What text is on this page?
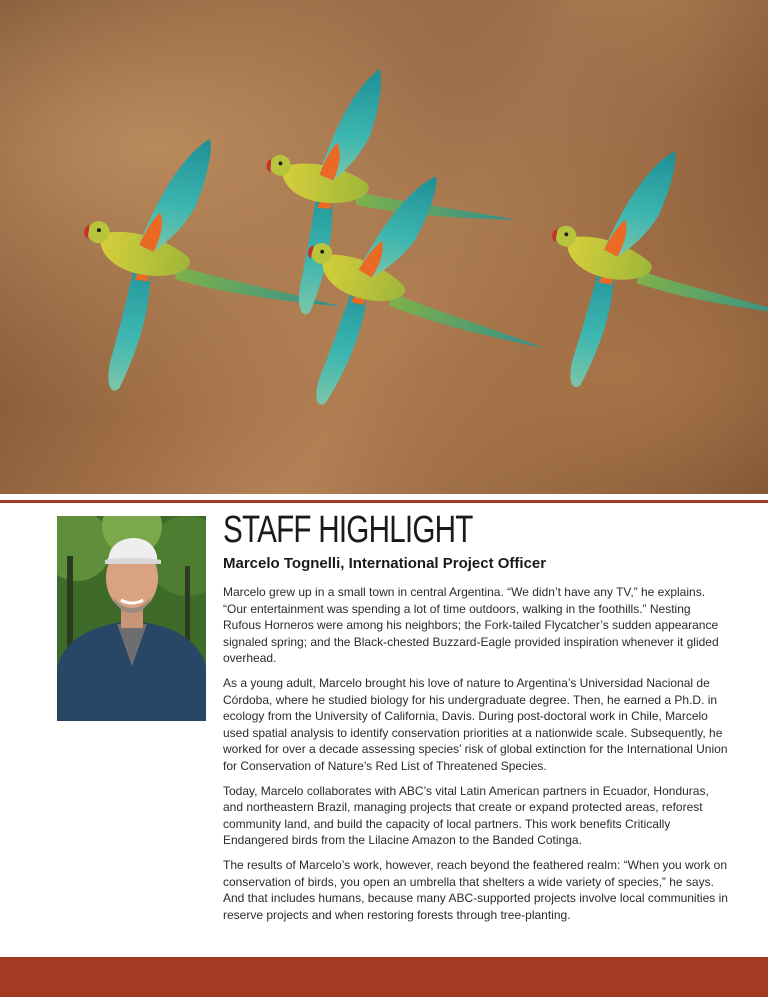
STAFF HIGHLIGHT
Marcelo Tognelli, International Project Officer

Marcelo grew up in a small town in central Argentina. “We didn’t have any TV,” he explains. “Our entertainment was spending a lot of time outdoors, walking in the foothills.” Nesting Rufous Horneros were among his neighbors; the Fork-tailed Flycatcher’s sudden appearance signaled spring; and the Black-chested Buzzard-Eagle provided inspiration whenever it glided overhead.

As a young adult, Marcelo brought his love of nature to Argentina’s Universidad Nacional de Córdoba, where he studied biology for his undergraduate degree. Then, he earned a Ph.D. in ecology from the University of California, Davis. During post-doctoral work in Chile, Marcelo used spatial analysis to identify conservation priorities at a nationwide scale. Subsequently, he worked for over a decade assessing species’ risk of global extinction for the International Union for Conservation of Nature’s Red List of Threatened Species.

Today, Marcelo collaborates with ABC’s vital Latin American partners in Ecuador, Honduras, and northeastern Brazil, managing projects that create or expand protected areas, reforest community land, and build the capacity of local partners. This work benefits Critically Endangered birds from the Lilacine Amazon to the Banded Cotinga.

The results of Marcelo’s work, however, reach beyond the feathered realm: “When you work on conservation of birds, you open an umbrella that shelters a wide variety of species,” he says. And that includes humans, because many ABC-supported projects involve local communities in reserve projects and when restoring forests through tree-planting.
